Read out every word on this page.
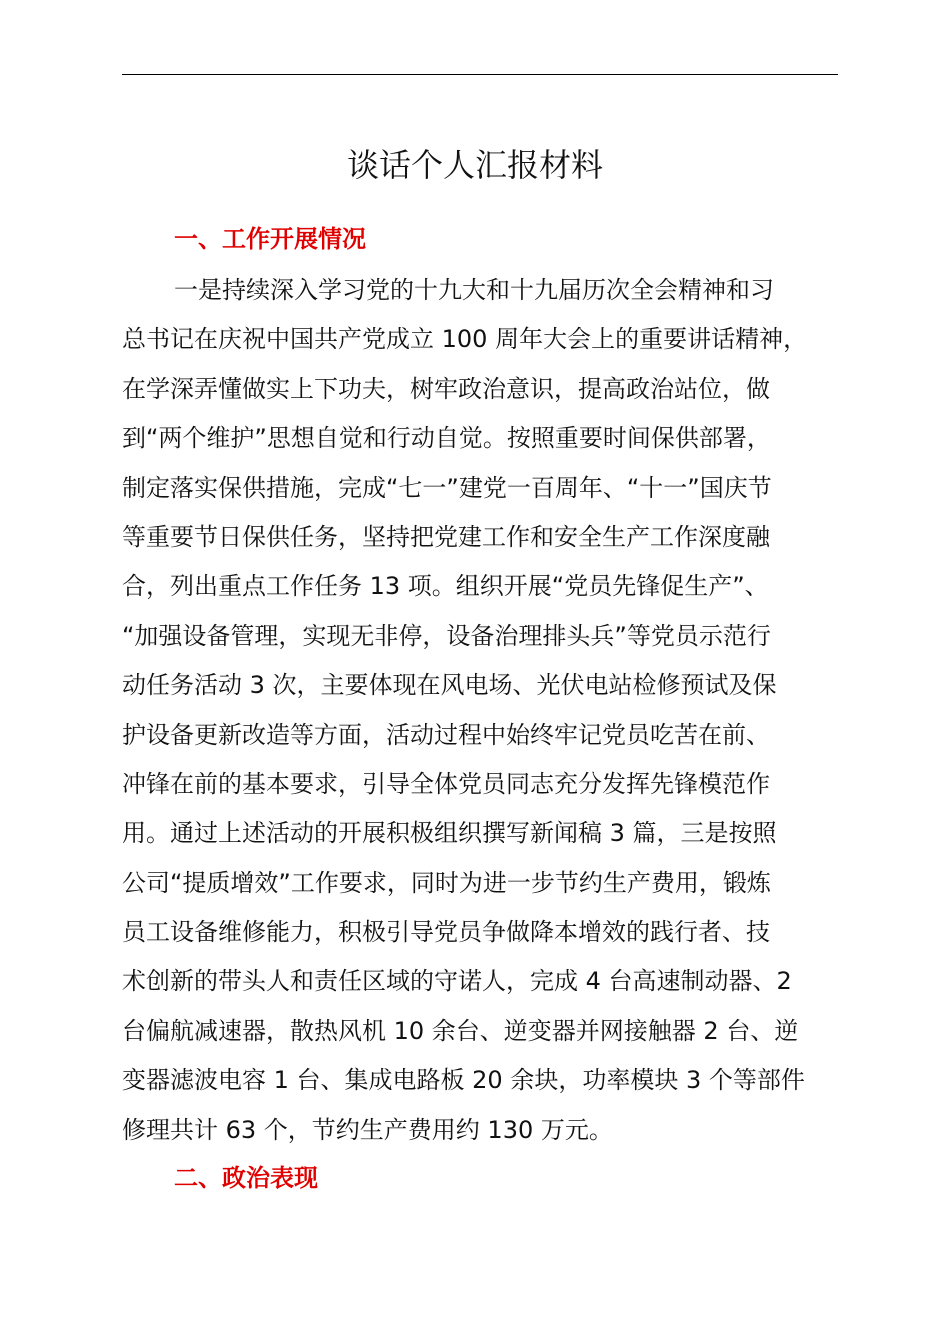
谈话个人汇报材料
一、工作开展情况
一是持续深入学习党的十九大和十九届历次全会精神和习
总书记在庆祝中国共产党成立 100 周年大会上的重要讲话精神，
在学深弄懂做实上下功夫，树牢政治意识，提高政治站位，做
到“两个维护”思想自觉和行动自觉。按照重要时间保供部署，
制定落实保供措施，完成“七一”建党一百周年、“十一”国庆节
等重要节日保供任务，坚持把党建工作和安全生产工作深度融
合，列出重点工作任务 13 项。组织开展“党员先锋促生产”、
“加强设备管理，实现无非停，设备治理排头兵”等党员示范行
动任务活动 3 次，主要体现在风电场、光伏电站检修预试及保
护设备更新改造等方面，活动过程中始终牢记党员吃苦在前、
冲锋在前的基本要求，引导全体党员同志充分发挥先锋模范作
用。通过上述活动的开展积极组织撰写新闻稿 3 篇，三是按照
公司“提质增效”工作要求，同时为进一步节约生产费用，锻炼
员工设备维修能力，积极引导党员争做降本增效的践行者、技
术创新的带头人和责任区域的守诺人，完成 4 台高速制动器、2
台偏航减速器，散热风机 10 余台、逆变器并网接触器 2 台、逆
变器滤波电容 1 台、集成电路板 20 余块，功率模块 3 个等部件
修理共计 63 个，节约生产费用约 130 万元。
二、政治表现
